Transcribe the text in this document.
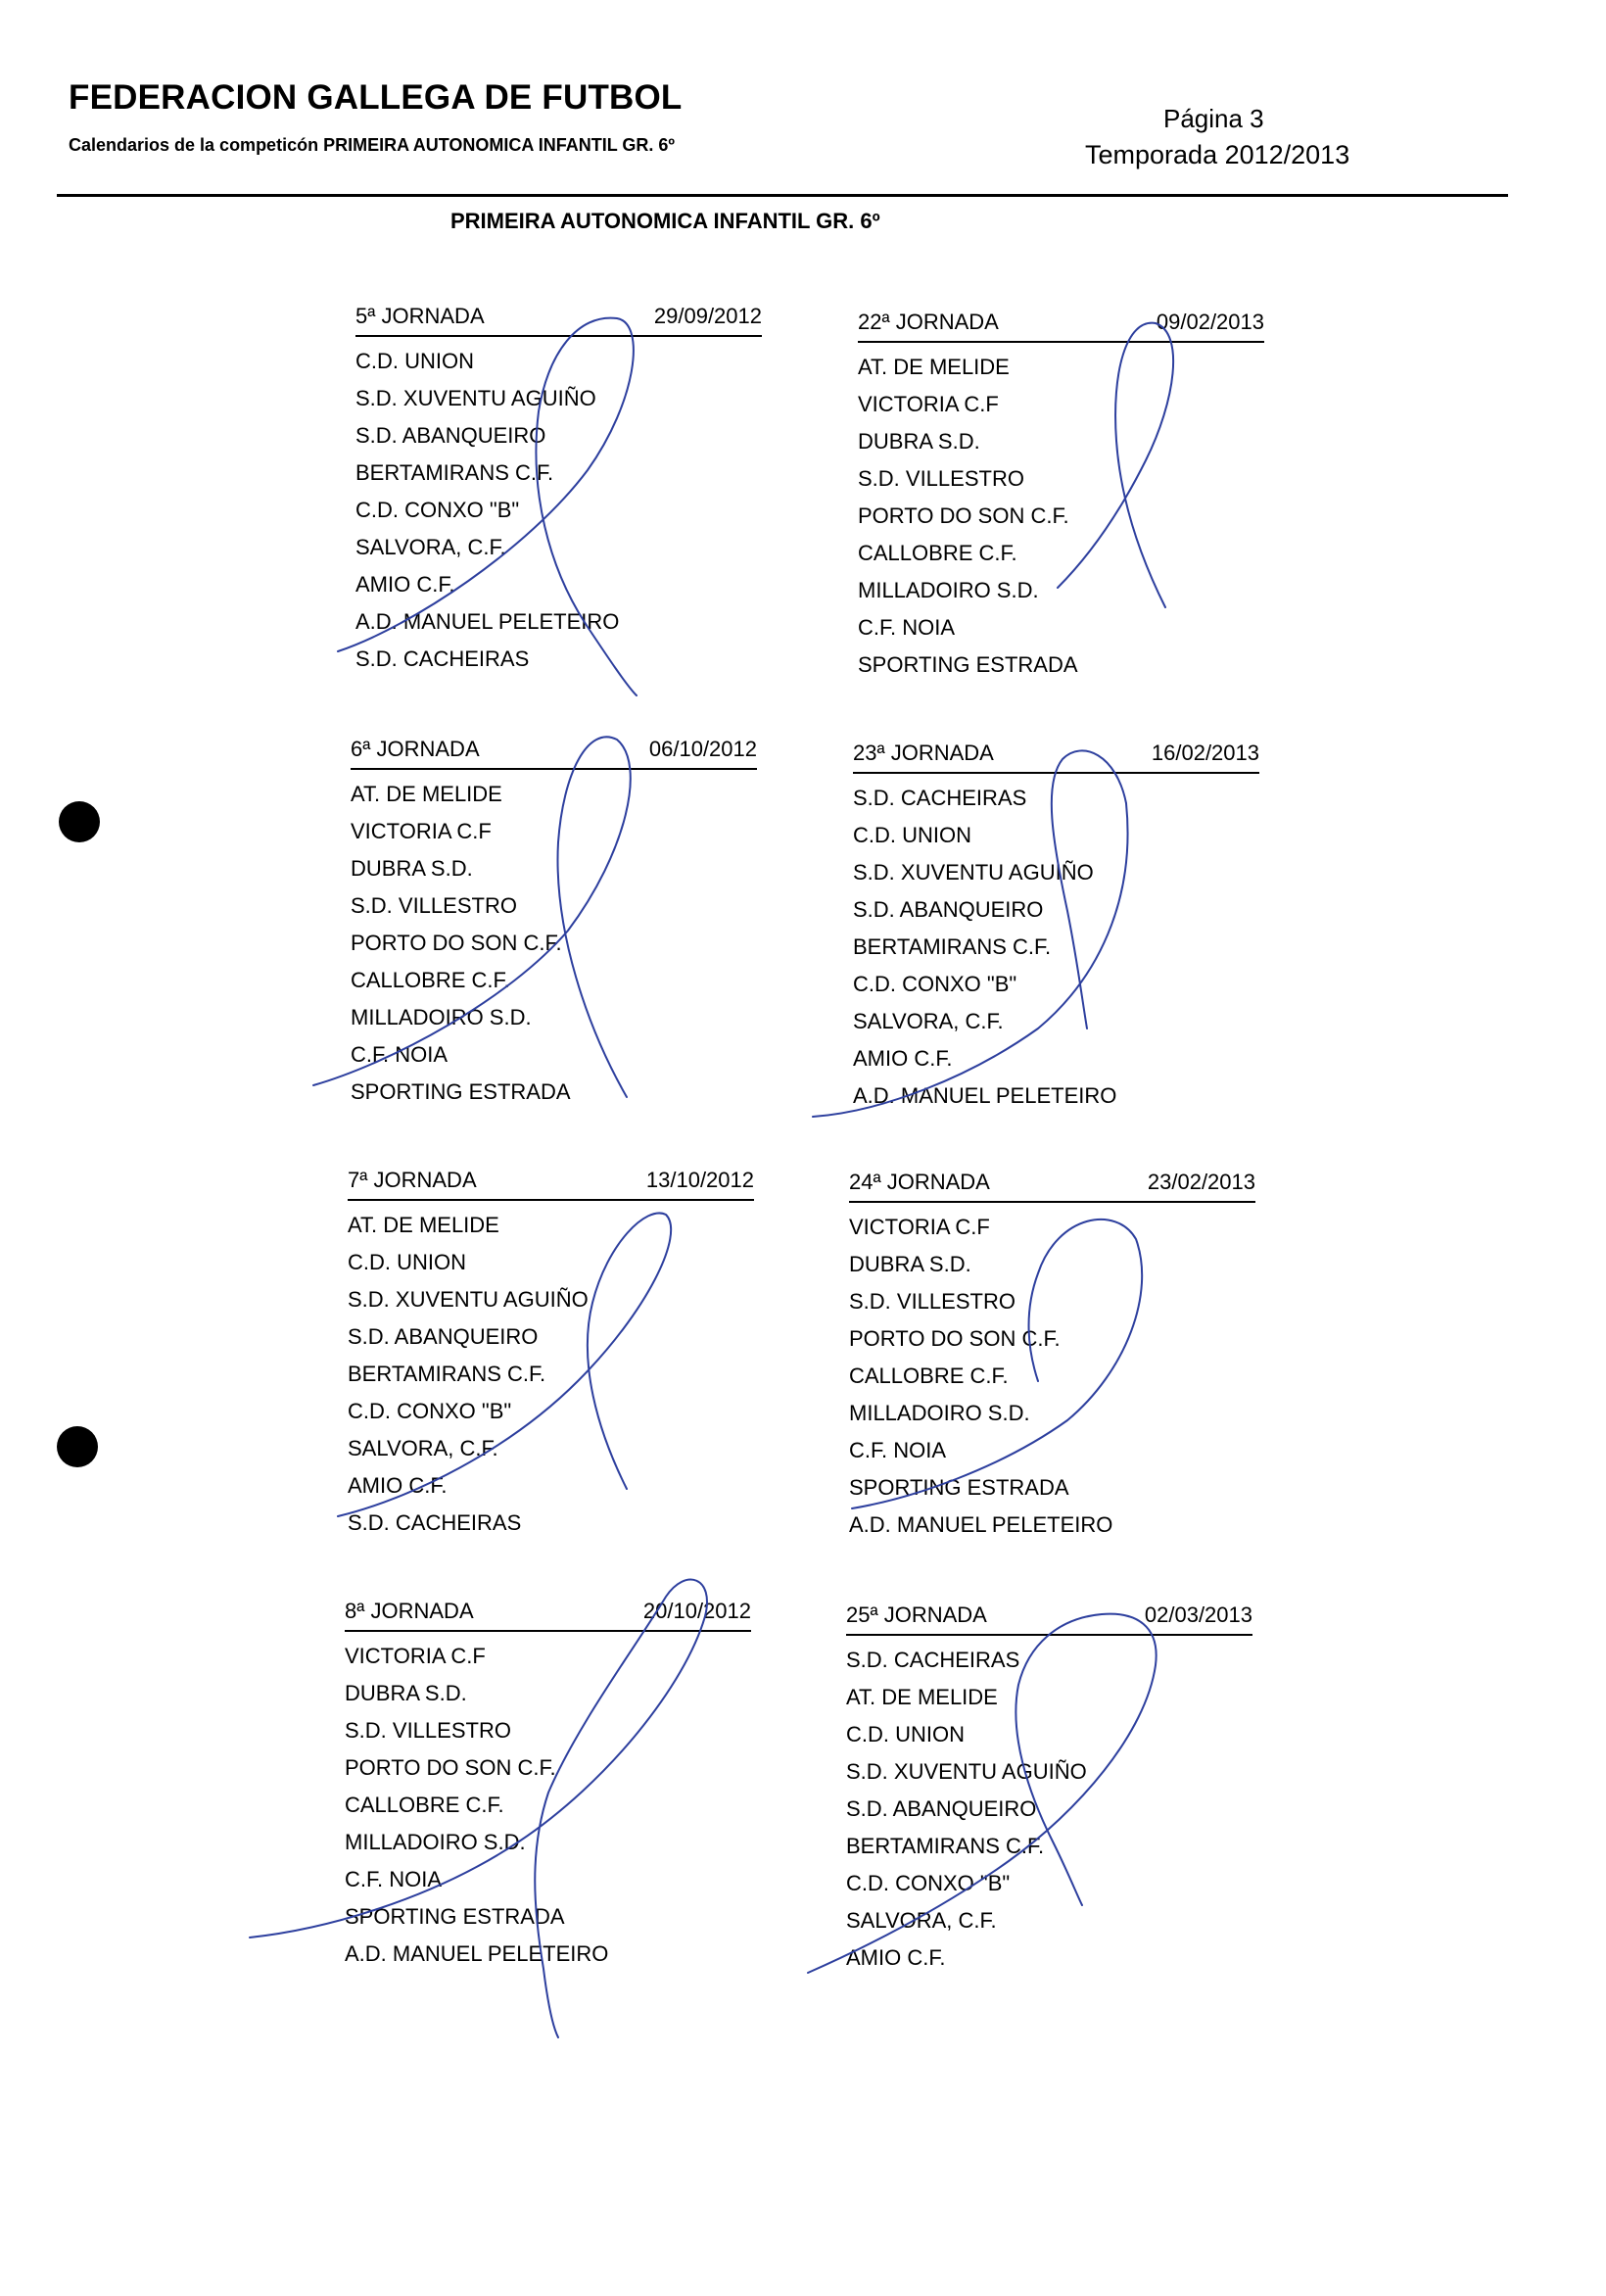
FEDERACION GALLEGA DE FUTBOL
Calendarios de la competicón PRIMEIRA AUTONOMICA INFANTIL GR. 6º
Página 3
Temporada 2012/2013
PRIMEIRA AUTONOMICA INFANTIL GR. 6º
5ª JORNADA	29/09/2012
C.D. UNION
S.D. XUVENTU AGUIÑO
S.D. ABANQUEIRO
BERTAMIRANS C.F.
C.D. CONXO "B"
SALVORA, C.F.
AMIO C.F.
A.D. MANUEL PELETEIRO
S.D. CACHEIRAS
22ª JORNADA	09/02/2013
AT. DE MELIDE
VICTORIA C.F
DUBRA S.D.
S.D. VILLESTRO
PORTO DO SON C.F.
CALLOBRE C.F.
MILLADOIRO S.D.
C.F. NOIA
SPORTING ESTRADA
6ª JORNADA	06/10/2012
AT. DE MELIDE
VICTORIA C.F
DUBRA S.D.
S.D. VILLESTRO
PORTO DO SON C.F.
CALLOBRE C.F.
MILLADOIRO S.D.
C.F. NOIA
SPORTING ESTRADA
23ª JORNADA	16/02/2013
S.D. CACHEIRAS
C.D. UNION
S.D. XUVENTU AGUIÑO
S.D. ABANQUEIRO
BERTAMIRANS C.F.
C.D. CONXO "B"
SALVORA, C.F.
AMIO C.F.
A.D. MANUEL PELETEIRO
7ª JORNADA	13/10/2012
AT. DE MELIDE
C.D. UNION
S.D. XUVENTU AGUIÑO
S.D. ABANQUEIRO
BERTAMIRANS C.F.
C.D. CONXO "B"
SALVORA, C.F.
AMIO C.F.
S.D. CACHEIRAS
24ª JORNADA	23/02/2013
VICTORIA C.F
DUBRA S.D.
S.D. VILLESTRO
PORTO DO SON C.F.
CALLOBRE C.F.
MILLADOIRO S.D.
C.F. NOIA
SPORTING ESTRADA
A.D. MANUEL PELETEIRO
8ª JORNADA	20/10/2012
VICTORIA C.F
DUBRA S.D.
S.D. VILLESTRO
PORTO DO SON C.F.
CALLOBRE C.F.
MILLADOIRO S.D.
C.F. NOIA
SPORTING ESTRADA
A.D. MANUEL PELETEIRO
25ª JORNADA	02/03/2013
S.D. CACHEIRAS
AT. DE MELIDE
C.D. UNION
S.D. XUVENTU AGUIÑO
S.D. ABANQUEIRO
BERTAMIRANS C.F.
C.D. CONXO "B"
SALVORA, C.F.
AMIO C.F.
